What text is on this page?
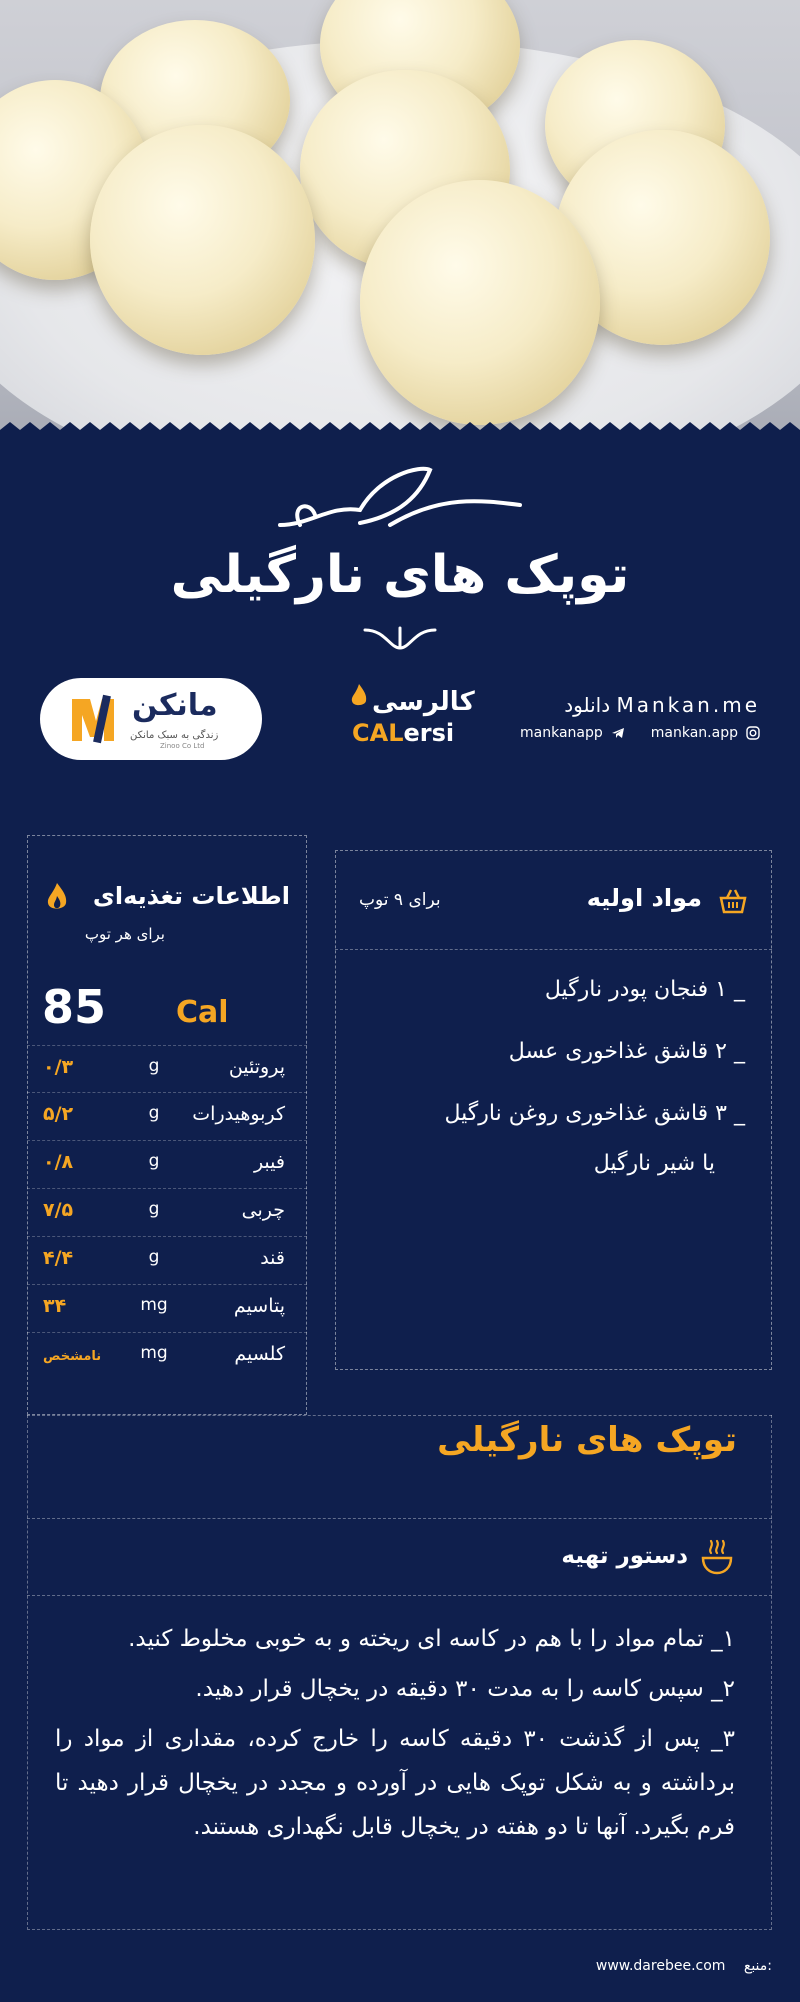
توپک های نارگیلی
مانکن
زندگی به سبک مانکن
Zinoo Co Ltd
کالرسی
CALersi
دانلود Mankan.me
mankanapp	mankan.app
مواد اولیه
برای ۹ توپ
_ ۱ فنجان پودر نارگیل
_ ۲ قاشق غذاخوری عسل
_ ۳ قاشق غذاخوری روغن نارگیل
یا شیر نارگیل
اطلاعات تغذیه‌ای
برای هر توپ
85 Cal
پروتئین
g
۰/۳
کربوهیدرات
g
۵/۲
فیبر
g
۰/۸
چربی
g
۷/۵
قند
g
۴/۴
پتاسیم
mg
۳۴
کلسیم
mg
نامشخص
توپک های نارگیلی
دستور تهیه
۱_ تمام مواد را با هم در کاسه ای ریخته و به خوبی مخلوط کنید.
۲_ سپس کاسه را به مدت ۳۰ دقیقه در یخچال قرار دهید.
۳_ پس از گذشت ۳۰ دقیقه کاسه را خارج کرده، مقداری از مواد را برداشته و به شکل توپک هایی در آورده و مجدد در یخچال قرار دهید تا فرم بگیرد. آنها تا دو هفته در یخچال قابل نگهداری هستند.
www.darebee.com منبع:
